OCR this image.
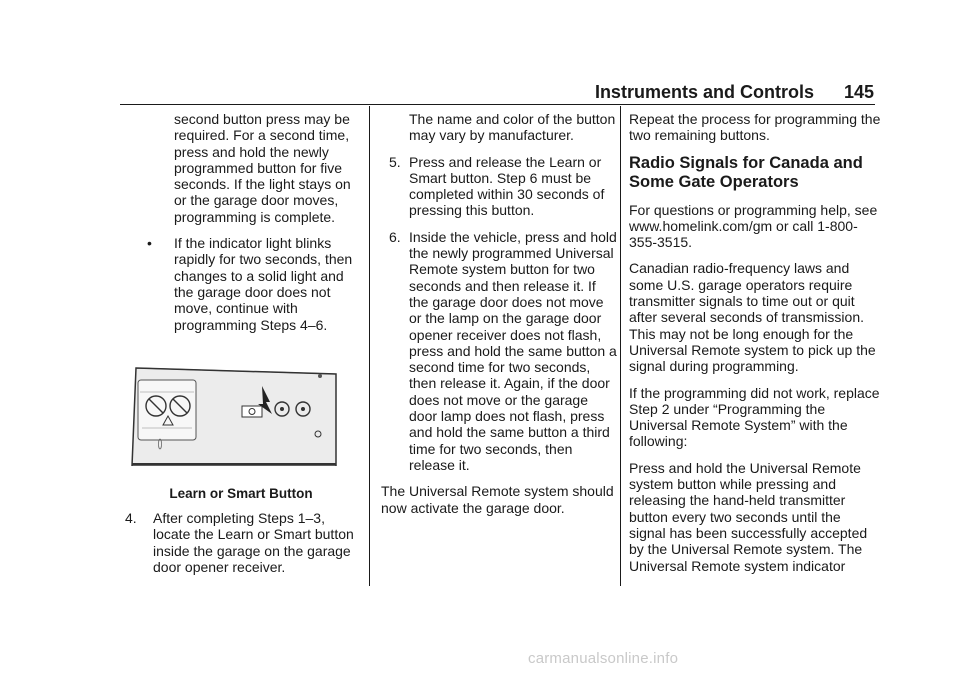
Instruments and Controls 145

second button press may be required. For a second time, press and hold the newly programmed button for five seconds. If the light stays on or the garage door moves, programming is complete.

•	If the indicator light blinks rapidly for two seconds, then changes to a solid light and the garage door does not move, continue with programming Steps 4–6.
Learn or Smart Button
4.	After completing Steps 1–3, locate the Learn or Smart button inside the garage on the garage door opener receiver.

The name and color of the button may vary by manufacturer.

5. Press and release the Learn or Smart button. Step 6 must be completed within 30 seconds of pressing this button.
6. Inside the vehicle, press and hold the newly programmed Universal Remote system button for two seconds and then release it. If the garage door does not move or the lamp on the garage door opener receiver does not flash, press and hold the same button a second time for two seconds, then release it. Again, if the door does not move or the garage door lamp does not flash, press and hold the same button a third time for two seconds, then release it.

The Universal Remote system should now activate the garage door.

Repeat the process for programming the two remaining buttons.

Radio Signals for Canada and Some Gate Operators

For questions or programming help, see www.homelink.com/gm or call 1-800-355-3515.

Canadian radio-frequency laws and some U.S. garage operators require transmitter signals to time out or quit after several seconds of transmission. This may not be long enough for the Universal Remote system to pick up the signal during programming.

If the programming did not work, replace Step 2 under “Programming the Universal Remote System” with the following:

Press and hold the Universal Remote system button while pressing and releasing the hand-held transmitter button every two seconds until the signal has been successfully accepted by the Universal Remote system. The Universal Remote system indicator

carmanualsonline.info
